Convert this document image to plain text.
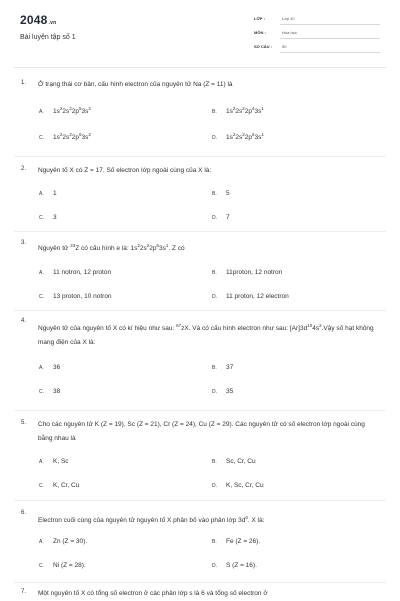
2048.vn
Bài luyện tập số 1
LỚP :	Lớp 10
MÔN :	Hóa học
SỐ CÂU :	50
1. Ở trạng thái cơ bản, cấu hình electron của nguyên tử Na (Z = 11) là
A. $1s^22s^22p^53s^2$
B. $1s^22s^22p^43s^1$
C. $1s^22s^22p^63s^2$
D. $1s^22s^22p^63s^1$
2. Nguyên tố X có Z = 17. Số electron lớp ngoài cùng của X là:
A. 1	B. 5
C. 3	D. 7
3.
Nguyên tử $^{23}$Z có cấu hình e là: $1s^22s^22p^63s^1$. Z có
A. 11 notron, 12 proton	B. 11proton, 12 notron
C. 13 proton, 10 notron	D. 11 proton, 12 electron
4.
Nguyên tử của nguyên tố X có kí hiệu như sau: $^{67}$zX. Và có cấu hình electron như sau: $[Ar]3d^{10}4s^2.Vậy$ số hạt không mang điện của X là:
A. 36	B. 37
C. 38	D. 35
5. Cho các nguyên tử K (Z = 19), Sc (Z = 21), Cr (Z = 24), Cu (Z = 29). Các nguyên tử có số electron lớp ngoài cùng bằng nhau là
A. K, Sc	B. Sc, Cr, Cu
C. K, Cr, Cu	D. K, Sc, Cr, Cu
6.
Electron cuối cùng của nguyên tử nguyên tố X phân bố vào phân lớp $3d^6$. X là:
A. Zn (Z = 30).	B. Fe (Z = 26).
C. Ni (Z = 28).	D. S (Z = 16).
7. Một nguyên tố X có tổng số electron ở các phân lớp s là 6 và tổng số electron ở
